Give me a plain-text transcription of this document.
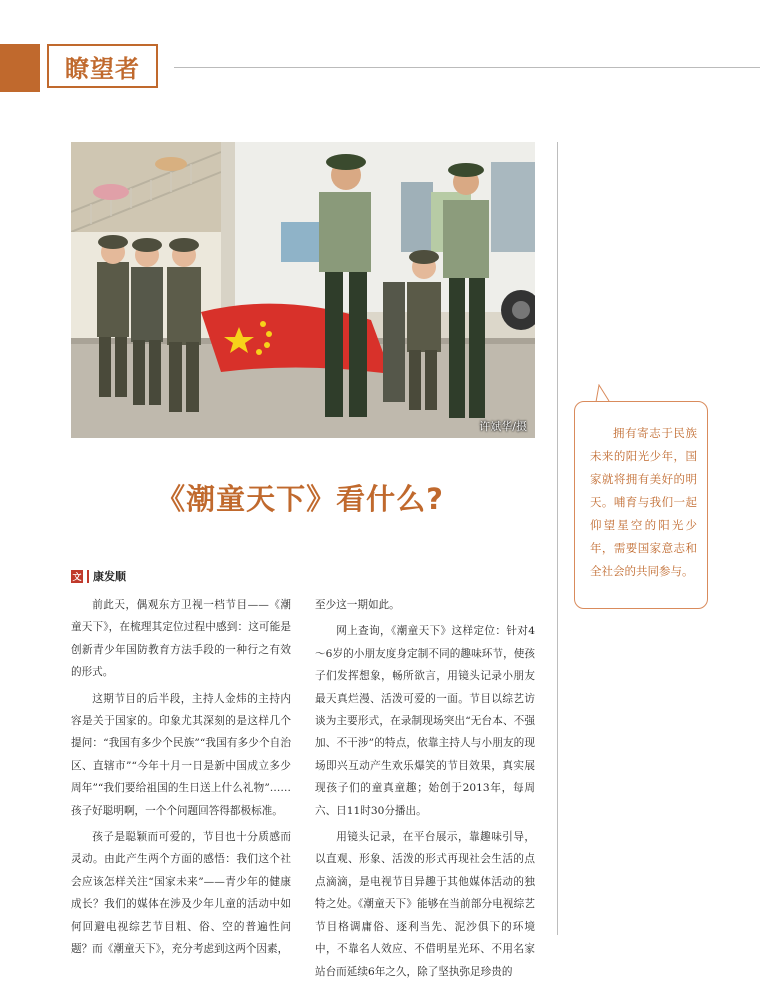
瞭望者
许斌华/摄	拥有寄志于民族未来的阳光少年，国家就将拥有美好的明天。哺育与我们一起仰望星空的阳光少年，需要国家意志和全社会的共同参与。

《潮童天下》看什么?
文 康发顺

前此天，偶观东方卫视一档节目——《潮童天下》，在梳理其定位过程中感到：这可能是创新青少年国防教育方法手段的一种行之有效的形式。

这期节目的后半段，主持人金炜的主持内容是关于国家的。印象尤其深刻的是这样几个提问：“我国有多少个民族”“我国有多少个自治区、直辖市”“今年十月一日是新中国成立多少周年”“我们要给祖国的生日送上什么礼物”……孩子好聪明啊，一个个问题回答得都极标准。

孩子是聪颖而可爱的，节目也十分质感而灵动。由此产生两个方面的感悟：我们这个社会应该怎样关注“国家未来”——青少年的健康成长？我们的媒体在涉及少年儿童的活动中如何回避电视综艺节目粗、俗、空的普遍性问题？而《潮童天下》，充分考虑到这两个因素，

至少这一期如此。

网上查询，《潮童天下》这样定位：针对4～6岁的小朋友度身定制不同的趣味环节，使孩子们发挥想象，畅所欲言，用镜头记录小朋友最天真烂漫、活泼可爱的一面。节目以综艺访谈为主要形式，在录制现场突出“无台本、不强加、不干涉”的特点，依靠主持人与小朋友的现场即兴互动产生欢乐爆笑的节目效果，真实展现孩子们的童真童趣；始创于2013年，每周六、日11时30分播出。

用镜头记录，在平台展示，靠趣味引导，以直观、形象、活泼的形式再现社会生活的点点滴滴，是电视节目异趣于其他媒体活动的独特之处。《潮童天下》能够在当前部分电视综艺节目格调庸俗、逐利当先、泥沙俱下的环境中，不靠名人效应、不借明星光环、不用名家站台而延续6年之久，除了坚执弥足珍贵的
